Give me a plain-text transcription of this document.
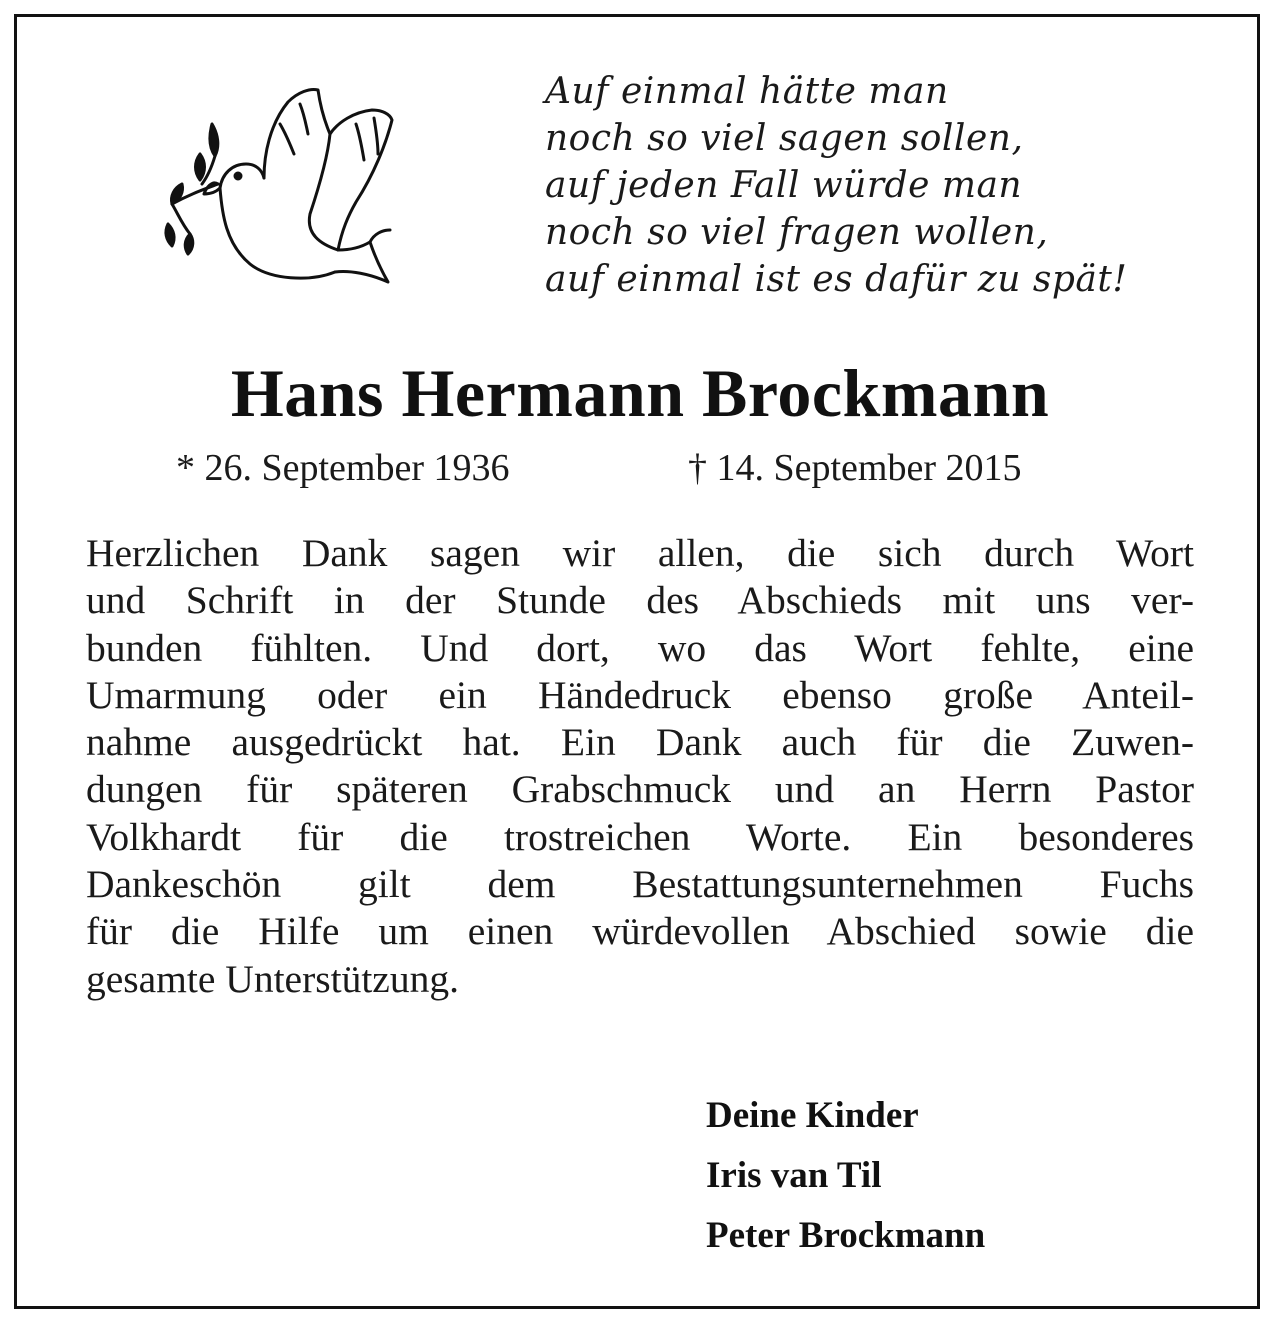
Auf einmal hätte man
noch so viel sagen sollen,
auf jeden Fall würde man
noch so viel fragen wollen,
auf einmal ist es dafür zu spät!
Hans Hermann Brockmann
* 26. September 1936	† 14. September 2015
Herzlichen Dank sagen wir allen, die sich durch Wort
und Schrift in der Stunde des Abschieds mit uns ver-
bunden fühlten. Und dort, wo das Wort fehlte, eine
Umarmung oder ein Händedruck ebenso große Anteil-
nahme ausgedrückt hat. Ein Dank auch für die Zuwen-
dungen für späteren Grabschmuck und an Herrn Pastor
Volkhardt für die trostreichen Worte. Ein besonderes
Dankeschön gilt dem Bestattungsunternehmen Fuchs
für die Hilfe um einen würdevollen Abschied sowie die
gesamte Unterstützung.
Deine Kinder
Iris van Til
Peter Brockmann
